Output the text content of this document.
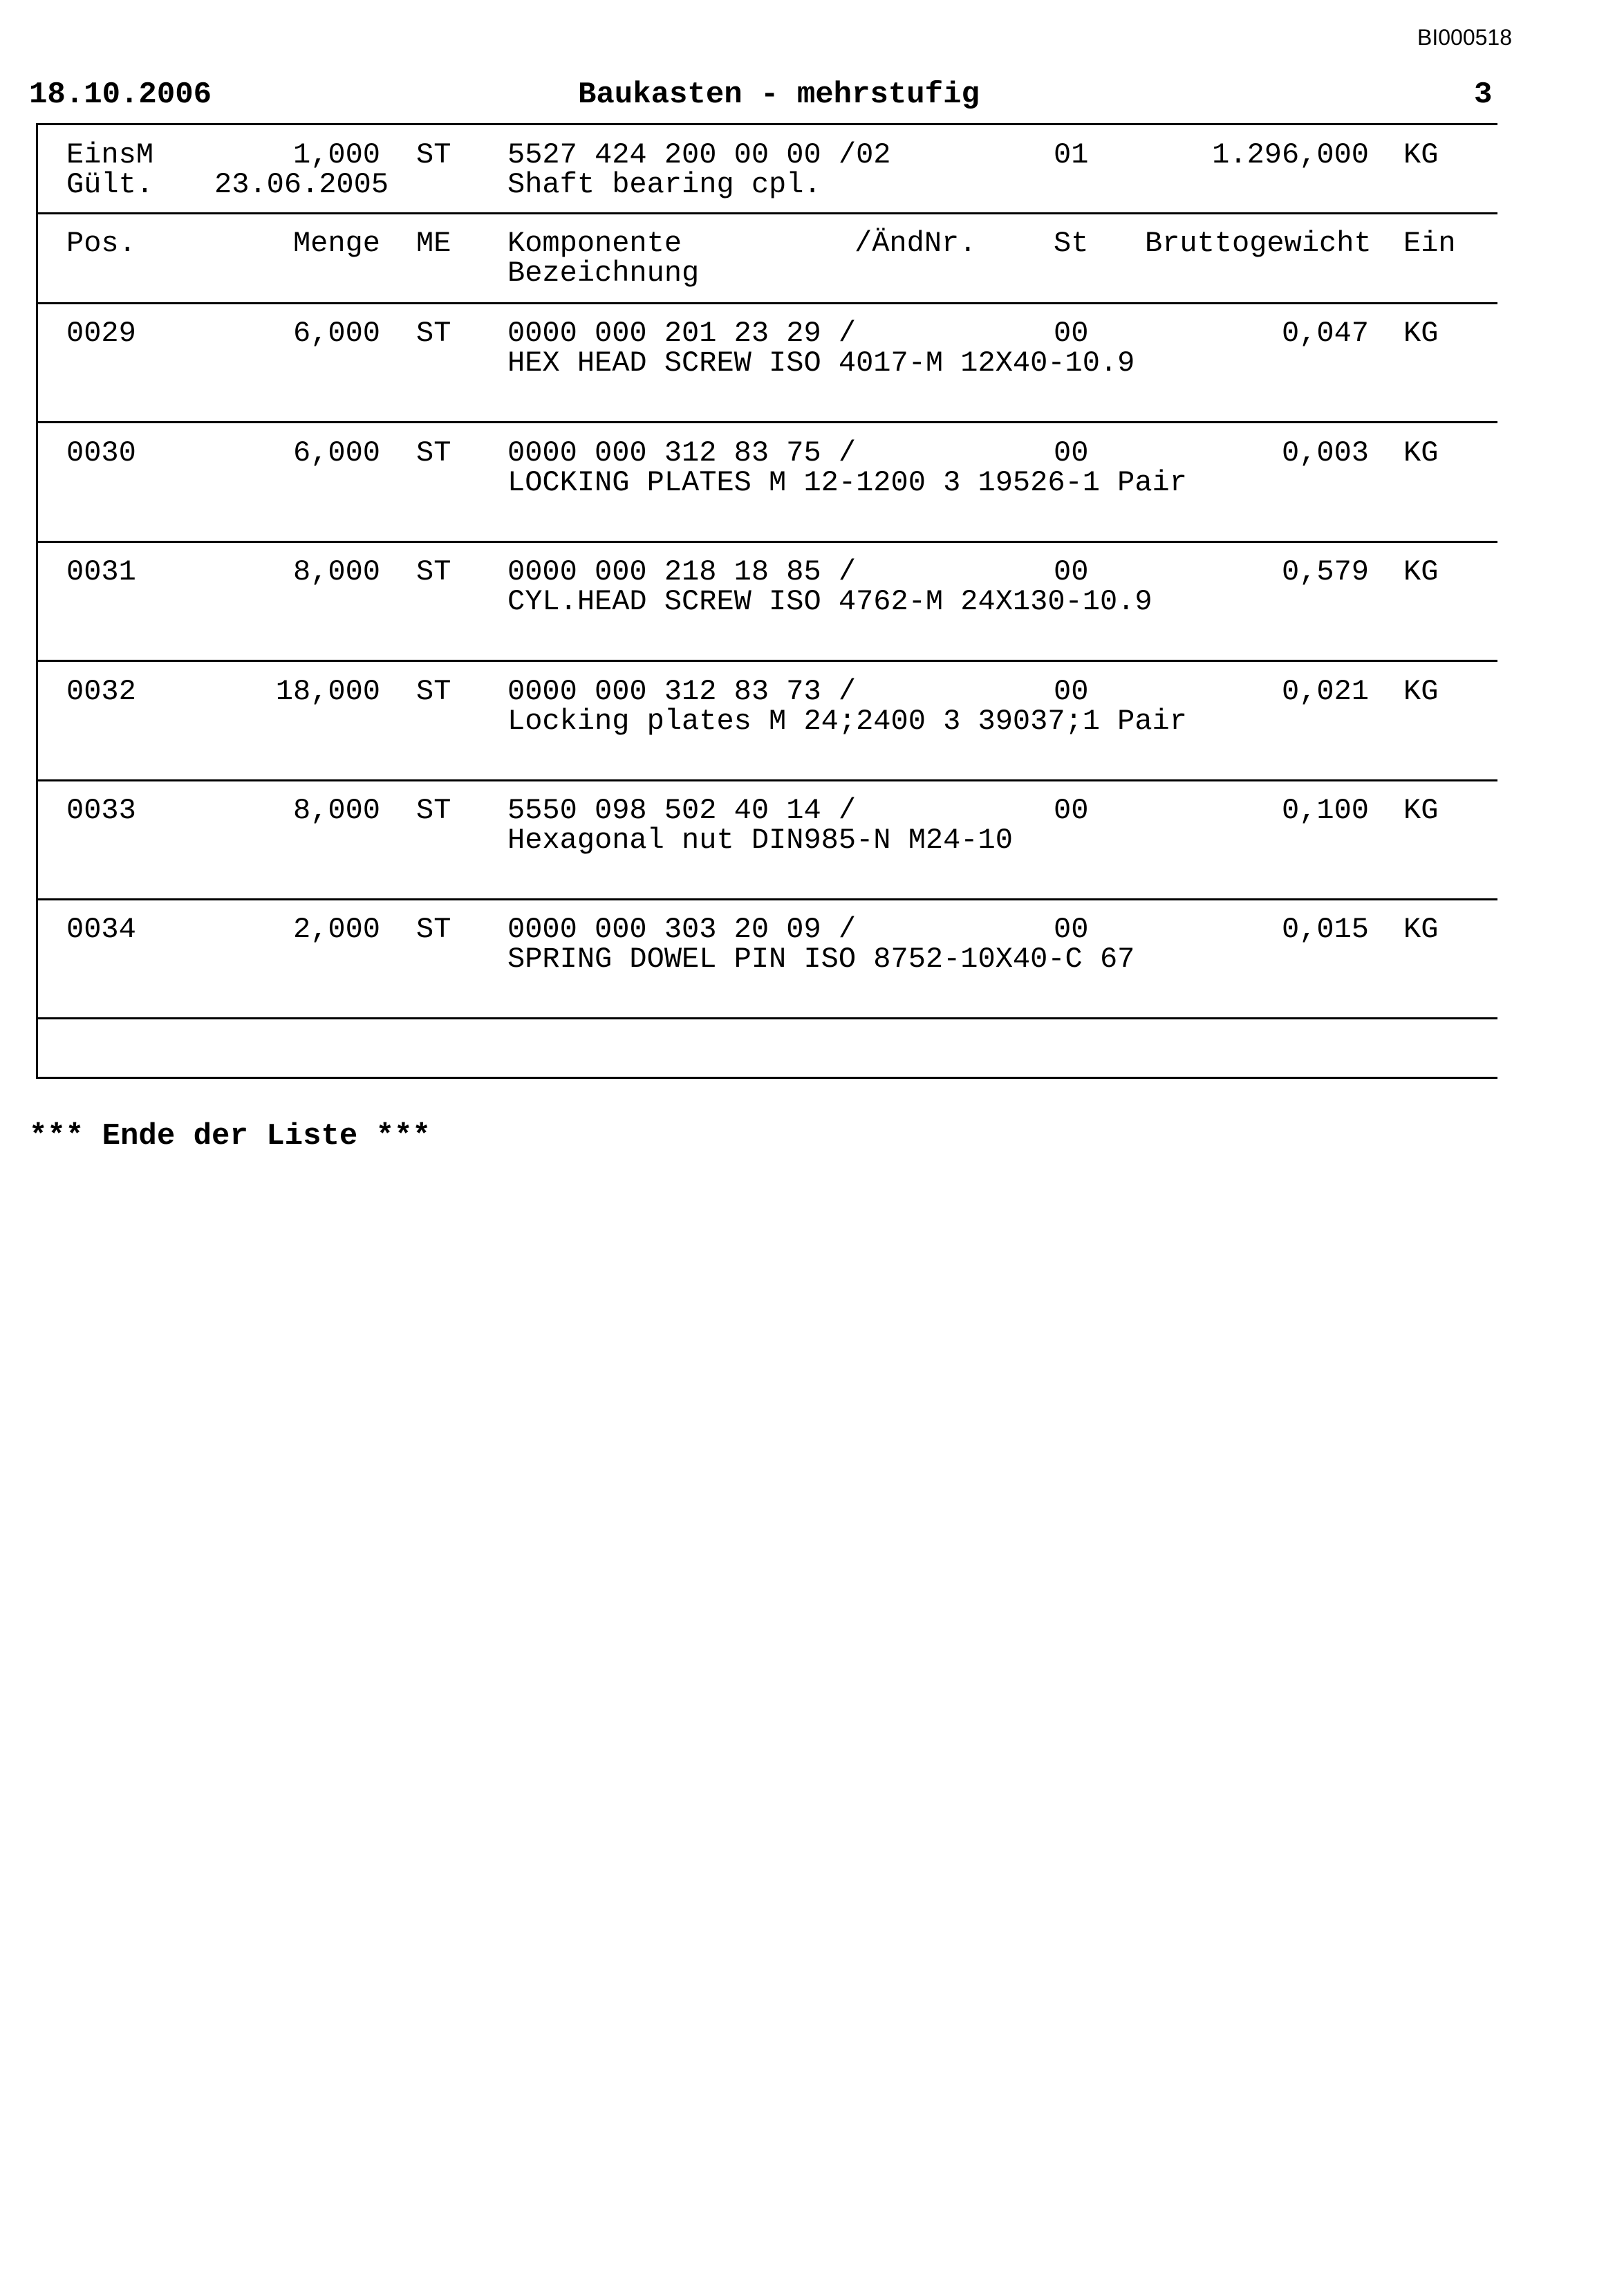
BI000518
18.10.2006	Baukasten - mehrstufig	3
EinsM	1,000 ST 5527 424 200 00 00 /02	01	1.296,000 KG
Gült. 23.06.2005	Shaft bearing cpl.
Pos.	Menge ME Komponente	/ÄndNr.	St Bruttogewicht Ein
Bezeichnung
0029	6,000 ST 0000 000 201 23 29 /	00	0,047 KG
HEX HEAD SCREW ISO 4017-M 12X40-10.9
0030	6,000 ST 0000 000 312 83 75 /	00	0,003 KG
LOCKING PLATES M 12-1200 3 19526-1 Pair
0031	8,000 ST 0000 000 218 18 85 /	00	0,579 KG
CYL.HEAD SCREW ISO 4762-M 24X130-10.9
0032	18,000 ST 0000 000 312 83 73 /	00	0,021 KG
Locking plates M 24;2400 3 39037;1 Pair
0033	8,000 ST 5550 098 502 40 14 /	00	0,100 KG
Hexagonal nut DIN985-N M24-10
0034	2,000 ST 0000 000 303 20 09 /	00	0,015 KG
SPRING DOWEL PIN ISO 8752-10X40-C 67
*** Ende der Liste ***
